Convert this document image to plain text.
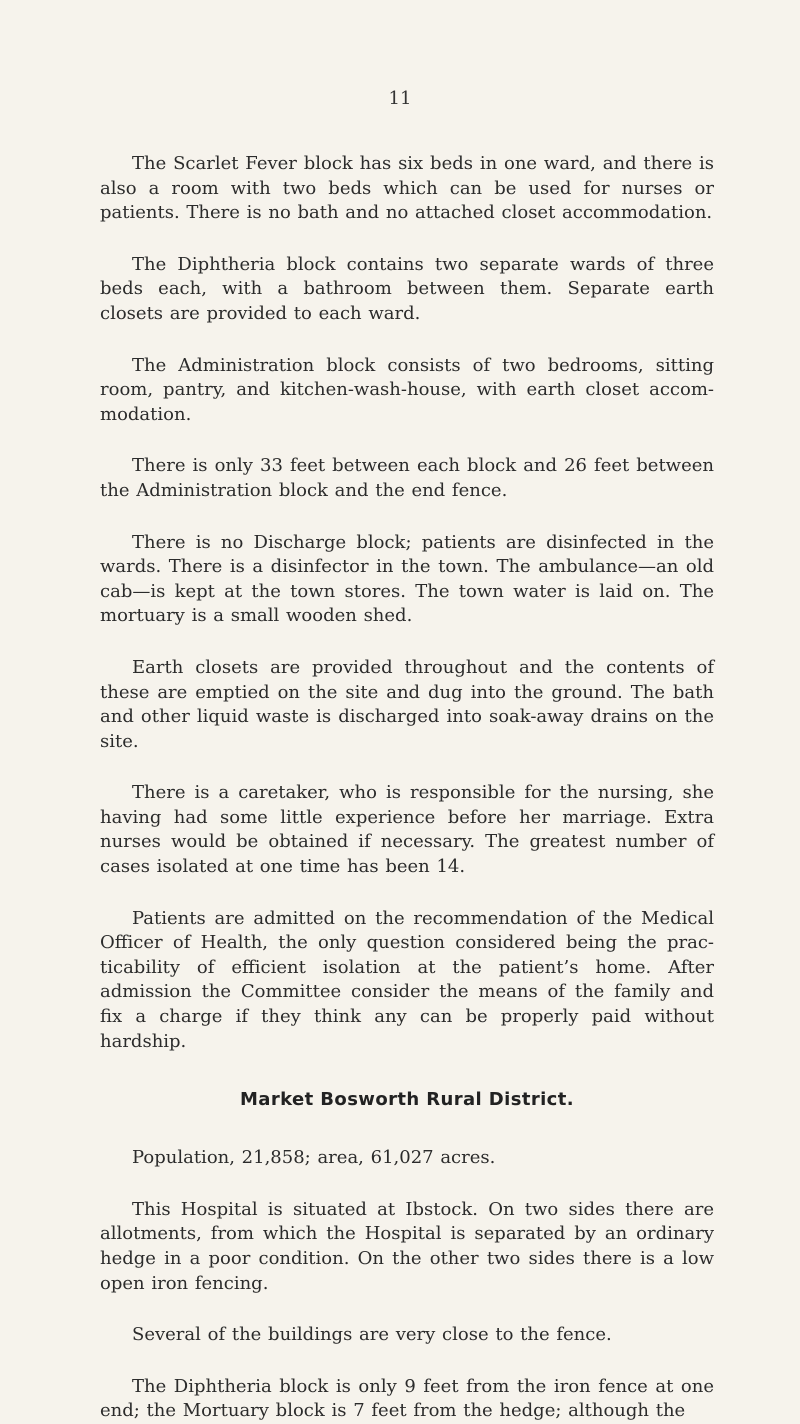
11

The Scarlet Fever block has six beds in one ward, and there is also a room with two beds which can be used for nurses or patients. There is no bath and no attached closet accommodation.

The Diphtheria block contains two separate wards of three beds each, with a bathroom between them. Separate earth closets are provided to each ward.

The Administration block consists of two bedrooms, sitting room, pantry, and kitchen-wash-house, with earth closet accommodation.

There is only 33 feet between each block and 26 feet between the Administration block and the end fence.

There is no Discharge block; patients are disinfected in the wards. There is a disinfector in the town. The ambulance—an old cab—is kept at the town stores. The town water is laid on. The mortuary is a small wooden shed.

Earth closets are provided throughout and the contents of these are emptied on the site and dug into the ground. The bath and other liquid waste is discharged into soak-away drains on the site.

There is a caretaker, who is responsible for the nursing, she having had some little experience before her marriage. Extra nurses would be obtained if necessary. The greatest number of cases isolated at one time has been 14.

Patients are admitted on the recommendation of the Medical Officer of Health, the only question considered being the practicability of efficient isolation at the patient’s home. After admission the Committee consider the means of the family and fix a charge if they think any can be properly paid without hardship.

Market Bosworth Rural District.

Population, 21,858; area, 61,027 acres.

This Hospital is situated at Ibstock. On two sides there are allotments, from which the Hospital is separated by an ordinary hedge in a poor condition. On the other two sides there is a low open iron fencing.

Several of the buildings are very close to the fence.

The Diphtheria block is only 9 feet from the iron fence at one end; the Mortuary block is 7 feet from the hedge; although the
